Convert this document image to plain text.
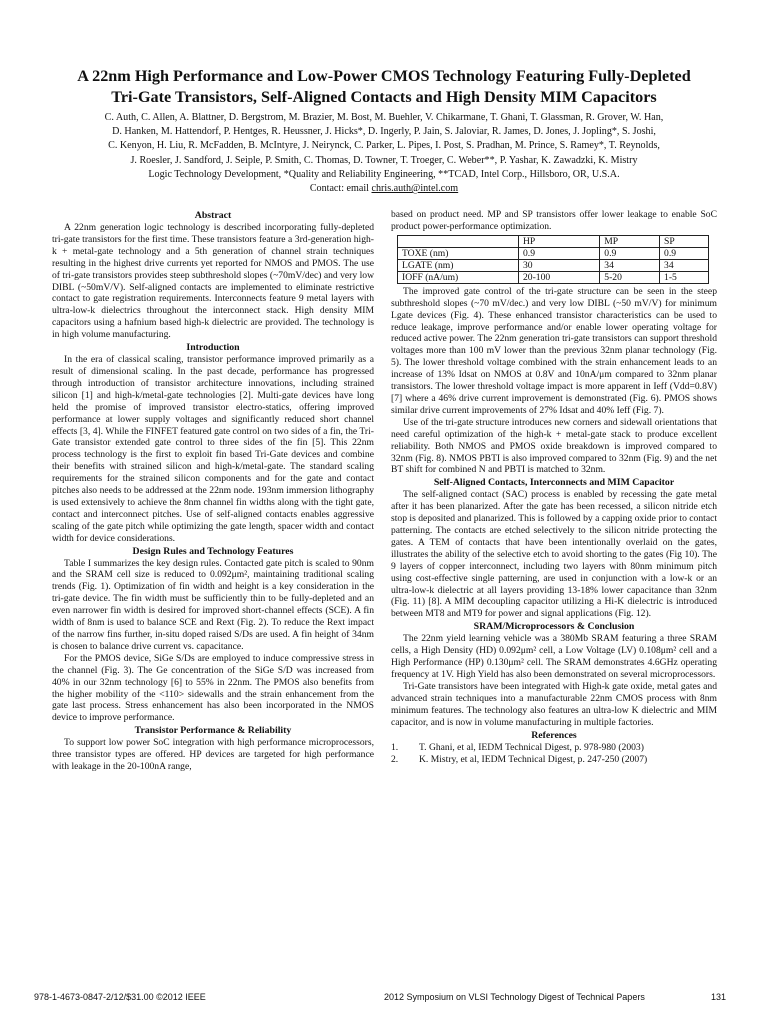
A 22nm High Performance and Low-Power CMOS Technology Featuring Fully-Depleted
Tri-Gate Transistors, Self-Aligned Contacts and High Density MIM Capacitors
C. Auth, C. Allen, A. Blattner, D. Bergstrom, M. Brazier, M. Bost, M. Buehler, V. Chikarmane, T. Ghani, T. Glassman, R. Grover, W. Han,
D. Hanken, M. Hattendorf, P. Hentges, R. Heussner, J. Hicks*, D. Ingerly, P. Jain, S. Jaloviar, R. James, D. Jones, J. Jopling*, S. Joshi,
C. Kenyon, H. Liu, R. McFadden, B. McIntyre, J. Neirynck, C. Parker, L. Pipes, I. Post, S. Pradhan, M. Prince, S. Ramey*, T. Reynolds,
J. Roesler, J. Sandford, J. Seiple, P. Smith, C. Thomas, D. Towner, T. Troeger, C. Weber**, P. Yashar, K. Zawadzki, K. Mistry
Logic Technology Development, *Quality and Reliability Engineering, **TCAD, Intel Corp., Hillsboro, OR, U.S.A.
Contact: email chris.auth@intel.com
Abstract

A 22nm generation logic technology is described incorporating fully-depleted tri-gate transistors for the first time. These transistors feature a 3rd-generation high-k + metal-gate technology and a 5th generation of channel strain techniques resulting in the highest drive currents yet reported for NMOS and PMOS. The use of tri-gate transistors provides steep subthreshold slopes (~70mV/dec) and very low DIBL (~50mV/V). Self-aligned contacts are implemented to eliminate restrictive contact to gate registration requirements. Interconnects feature 9 metal layers with ultra-low-k dielectrics throughout the interconnect stack. High density MIM capacitors using a hafnium based high-k dielectric are provided. The technology is in high volume manufacturing.

Introduction

In the era of classical scaling, transistor performance improved primarily as a result of dimensional scaling. In the past decade, performance has progressed through introduction of transistor architecture innovations, including strained silicon [1] and high-k/metal-gate technologies [2]. Multi-gate devices have long held the promise of improved transistor electro-statics, offering improved performance at lower supply voltages and significantly reduced short channel effects [3, 4]. While the FINFET featured gate control on two sides of a fin, the Tri-Gate transistor extended gate control to three sides of the fin [5]. This 22nm process technology is the first to exploit fin based Tri-Gate devices and combine their benefits with strained silicon and high-k/metal-gate. The standard scaling requirements for the strained silicon components and for the gate and contact pitches also needs to be addressed at the 22nm node. 193nm immersion lithography is used extensively to achieve the 8nm channel fin widths along with the tight gate, contact and interconnect pitches. Use of self-aligned contacts enables aggressive scaling of the gate pitch while optimizing the gate length, spacer width and contact width for device considerations.

Design Rules and Technology Features

Table I summarizes the key design rules. Contacted gate pitch is scaled to 90nm and the SRAM cell size is reduced to 0.092μm², maintaining traditional scaling trends (Fig. 1). Optimization of fin width and height is a key consideration in the tri-gate device. The fin width must be sufficiently thin to be fully-depleted and an even narrower fin width is desired for improved short-channel effects (SCE). A fin width of 8nm is used to balance SCE and Rext (Fig. 2). To reduce the Rext impact of the narrow fins further, in-situ doped raised S/Ds are used. A fin height of 34nm is chosen to balance drive current vs. capacitance.

For the PMOS device, SiGe S/Ds are employed to induce compressive stress in the channel (Fig. 3). The Ge concentration of the SiGe S/D was increased from 40% in our 32nm technology [6] to 55% in 22nm. The PMOS also benefits from the higher mobility of the <110> sidewalls and the strain enhancement from the gate last process. Stress enhancement has also been incorporated in the NMOS device to improve performance.

Transistor Performance & Reliability

To support low power SoC integration with high performance microprocessors, three transistor types are offered. HP devices are targeted for high performance with leakage in the 20-100nA range,

based on product need. MP and SP transistors offer lower leakage to enable SoC product power-performance optimization.

	HP	MP	SP
TOXE (nm)	0.9	0.9	0.9
LGATE (nm)	30	34	34
IOFF (nA/um)	20-100	5-20	1-5

The improved gate control of the tri-gate structure can be seen in the steep subthreshold slopes (~70 mV/dec.) and very low DIBL (~50 mV/V) for minimum Lgate devices (Fig. 4). These enhanced transistor characteristics can be used to reduce leakage, improve performance and/or enable lower operating voltage for reduced active power. The 22nm generation tri-gate transistors can support threshold voltages more than 100 mV lower than the previous 32nm planar technology (Fig. 5). The lower threshold voltage combined with the strain enhancement leads to an increase of 13% Idsat on NMOS at 0.8V and 10nA/μm compared to 32nm planar transistors. The lower threshold voltage impact is more apparent in Ieff (Vdd=0.8V) [7] where a 46% drive current improvement is demonstrated (Fig. 6). PMOS shows similar drive current improvements of 27% Idsat and 40% Ieff (Fig. 7).

Use of the tri-gate structure introduces new corners and sidewall orientations that need careful optimization of the high-k + metal-gate stack to produce excellent reliability. Both NMOS and PMOS oxide breakdown is improved compared to 32nm (Fig. 8). NMOS PBTI is also improved compared to 32nm (Fig. 9) and the net BT shift for combined N and PBTI is matched to 32nm.

Self-Aligned Contacts, Interconnects and MIM Capacitor

The self-aligned contact (SAC) process is enabled by recessing the gate metal after it has been planarized. After the gate has been recessed, a silicon nitride etch stop is deposited and planarized. This is followed by a capping oxide prior to contact patterning. The contacts are etched selectively to the silicon nitride protecting the gates. A TEM of contacts that have been intentionally overlaid on the gates, illustrates the ability of the selective etch to avoid shorting to the gates (Fig 10). The 9 layers of copper interconnect, including two layers with 80nm minimum pitch using cost-effective single patterning, are used in conjunction with a low-k or an ultra-low-k dielectric at all layers providing 13-18% lower capacitance than 32nm (Fig. 11) [8]. A MIM decoupling capacitor utilizing a Hi-K dielectric is introduced between MT8 and MT9 for power and signal applications (Fig. 12).

SRAM/Microprocessors & Conclusion

The 22nm yield learning vehicle was a 380Mb SRAM featuring a three SRAM cells, a High Density (HD) 0.092μm² cell, a Low Voltage (LV) 0.108μm² cell and a High Performance (HP) 0.130μm² cell. The SRAM demonstrates 4.6GHz operating frequency at 1V. High Yield has also been demonstrated on several microprocessors.

Tri-Gate transistors have been integrated with High-k gate oxide, metal gates and advanced strain techniques into a manufacturable 22nm CMOS process with 8nm minimum features. The technology also features an ultra-low K dielectric and MIM capacitor, and is now in volume manufacturing in multiple factories.

References
1.	T. Ghani, et al, IEDM Technical Digest, p. 978-980 (2003)
2.	K. Mistry, et al, IEDM Technical Digest, p. 247-250 (2007)
978-1-4673-0847-2/12/$31.00 ©2012 IEEE	2012 Symposium on VLSI Technology Digest of Technical Papers	131
